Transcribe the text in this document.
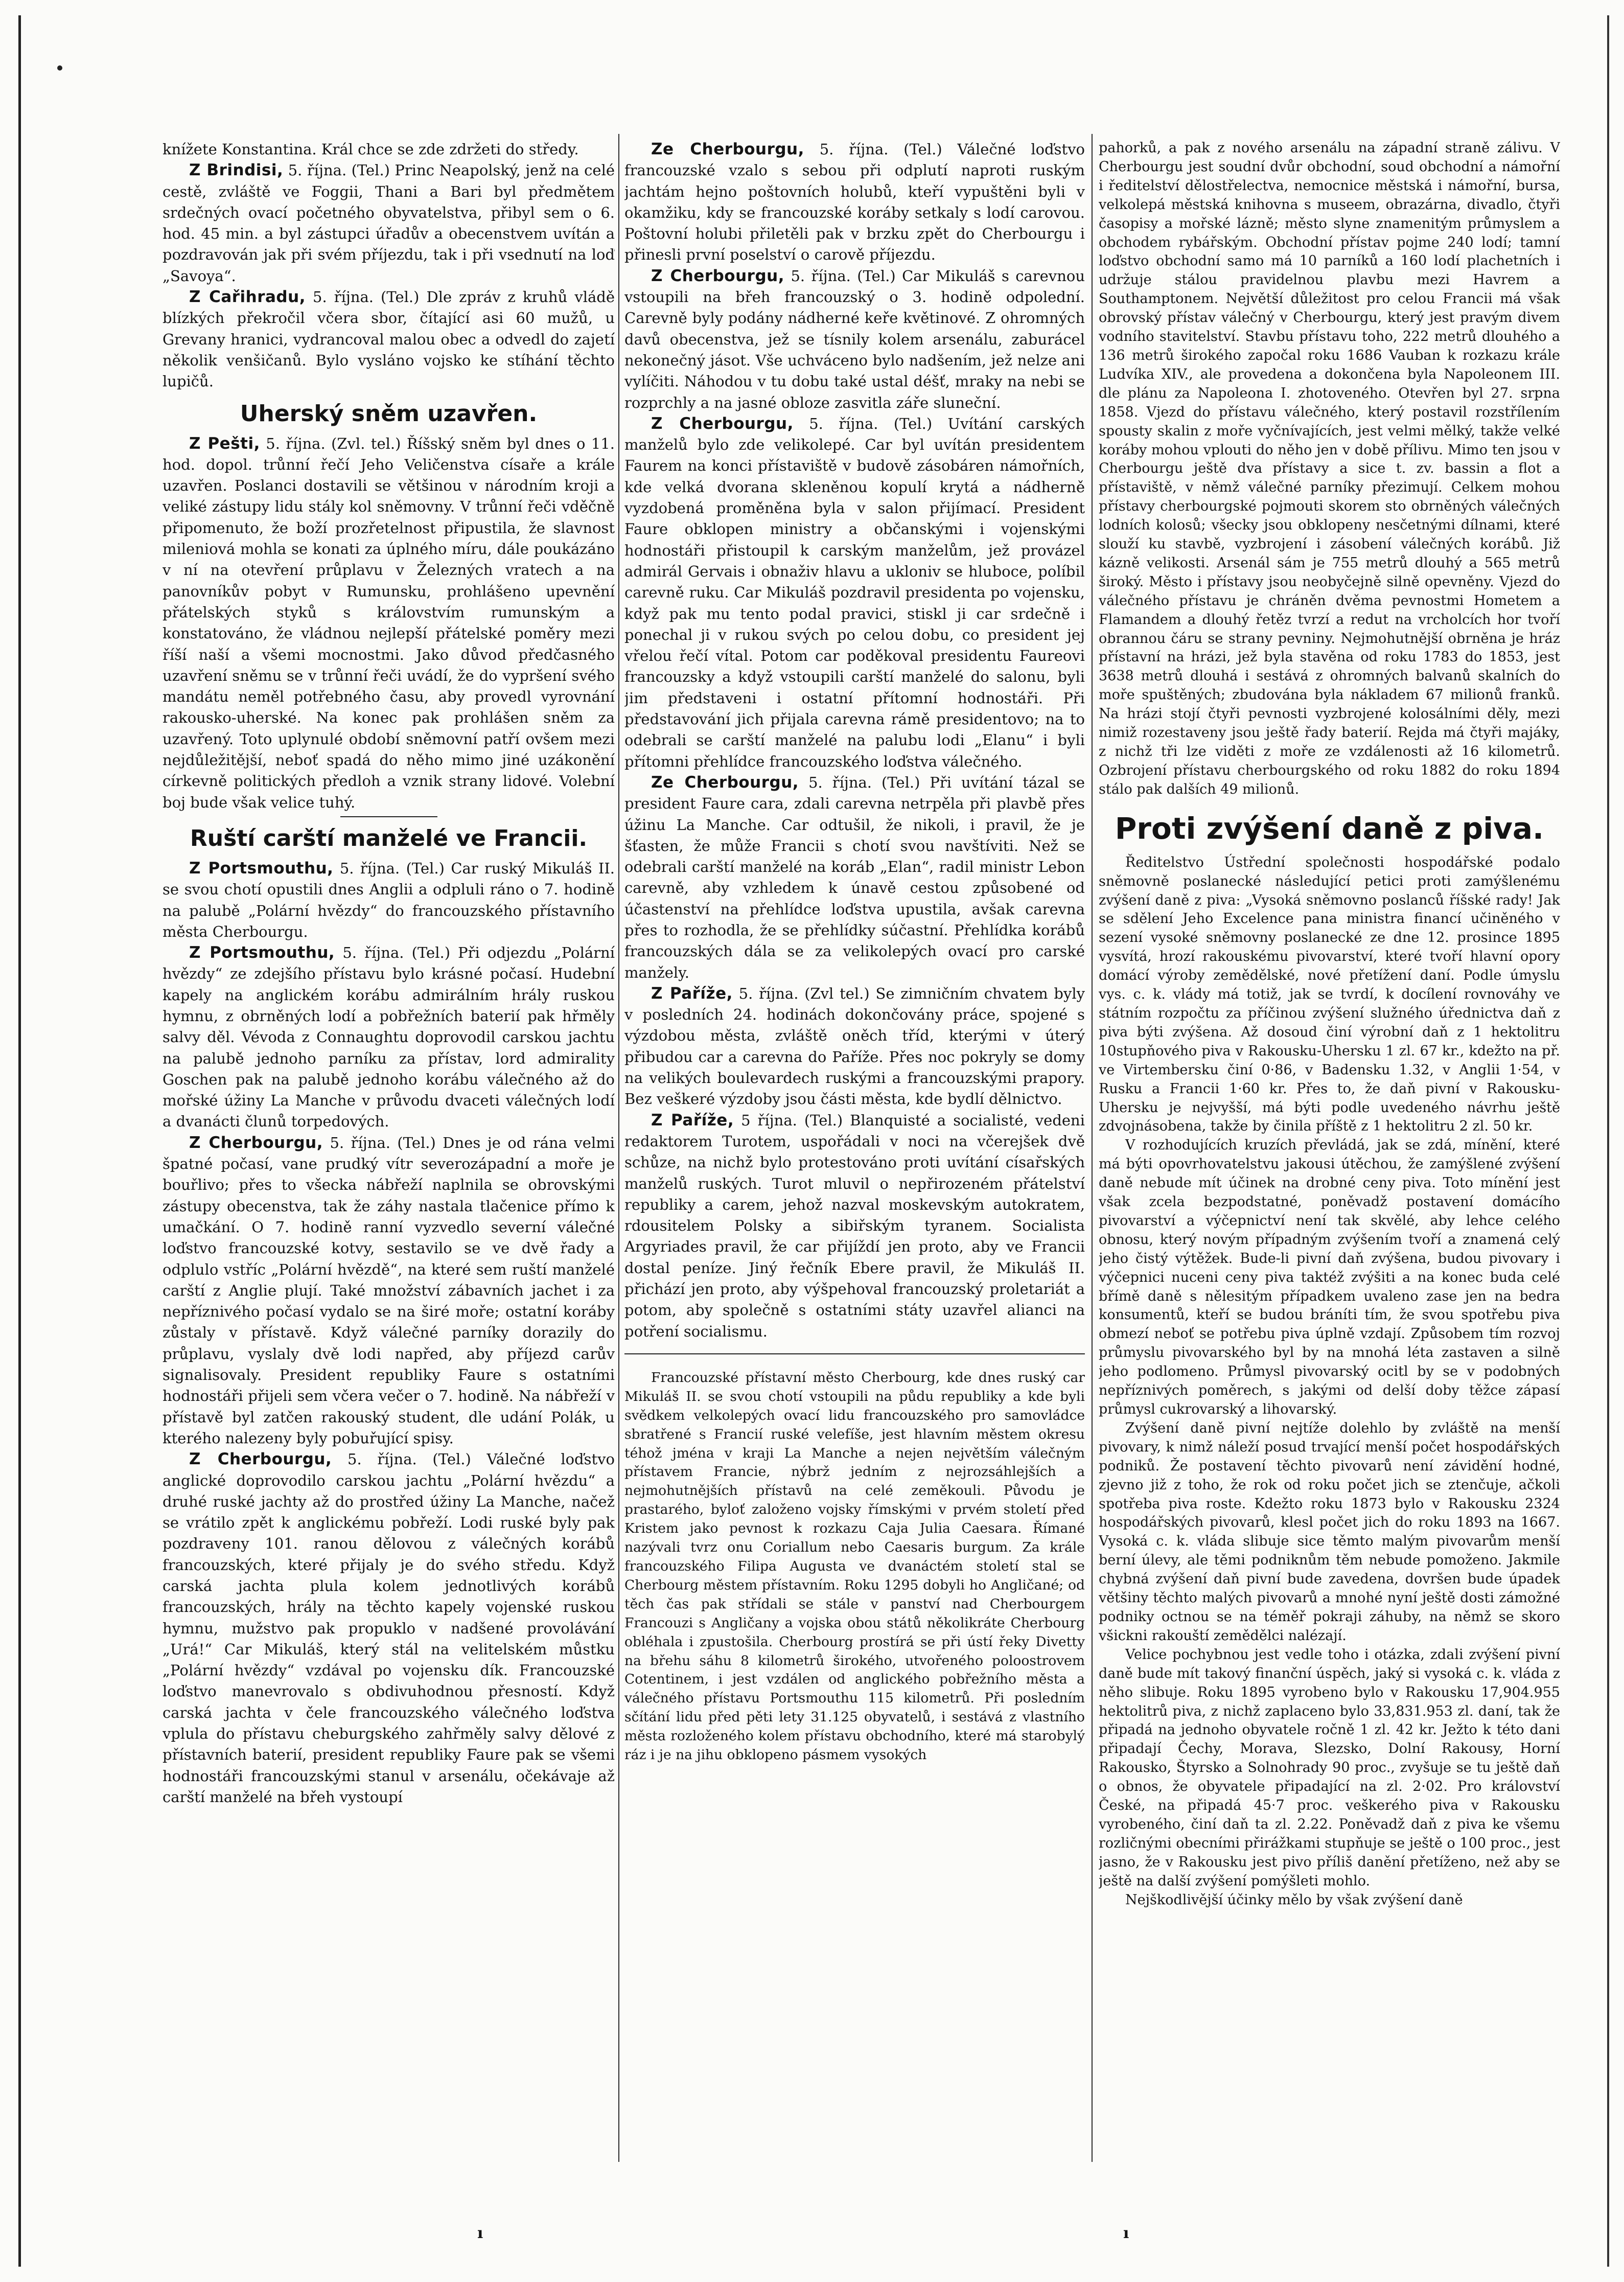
knížete Konstantina. Král chce se zde zdržeti do středy.

Z Brindisi, 5. října. (Tel.) Princ Neapolský, jenž na celé cestě, zvláště ve Foggii, Thani a Bari byl předmětem srdečných ovací početného obyvatelstva, přibyl sem o 6. hod. 45 min. a byl zástupci úřadův a obecenstvem uvítán a pozdravován jak při svém příjezdu, tak i při vsednutí na loď „Savoya“.

Z Cařihradu, 5. října. (Tel.) Dle zpráv z kruhů vládě blízkých překročil včera sbor, čítající asi 60 mužů, u Grevany hranici, vydrancoval malou obec a odvedl do zajetí několik venšičanů. Bylo vysláno vojsko ke stíhání těchto lupičů.

Uherský sněm uzavřen.

Z Pešti, 5. října. (Zvl. tel.) Říšský sněm byl dnes o 11. hod. dopol. trůnní řečí Jeho Veličenstva císaře a krále uzavřen. Poslanci dostavili se většinou v národním kroji a veliké zástupy lidu stály kol sněmovny. V trůnní řeči vděčně připomenuto, že boží prozřetelnost připustila, že slavnost mileniová mohla se konati za úplného míru, dále poukázáno v ní na otevření průplavu v Železných vratech a na panovníkův pobyt v Rumunsku, prohlášeno upevnění přátelských styků s královstvím rumunským a konstatováno, že vládnou nejlepší přátelské poměry mezi říší naší a všemi mocnostmi. Jako důvod předčasného uzavření sněmu se v trůnní řeči uvádí, že do vypršení svého mandátu neměl potřebného času, aby provedl vyrovnání rakousko-uherské. Na konec pak prohlášen sněm za uzavřený. Toto uplynulé období sněmovní patří ovšem mezi nejdůležitější, neboť spadá do něho mimo jiné uzákonění církevně politických předloh a vznik strany lidové. Volební boj bude však velice tuhý.

Ruští carští manželé ve Francii.

Z Portsmouthu, 5. října. (Tel.) Car ruský Mikuláš II. se svou chotí opustili dnes Anglii a odpluli ráno o 7. hodině na palubě „Polární hvězdy“ do francouzského přístavního města Cherbourgu.

Z Portsmouthu, 5. října. (Tel.) Při odjezdu „Polární hvězdy“ ze zdejšího přístavu bylo krásné počasí. Hudební kapely na anglickém korábu admirálním hrály ruskou hymnu, z obrněných lodí a pobřežních baterií pak hřměly salvy děl. Vévoda z Connaughtu doprovodil carskou jachtu na palubě jednoho parníku za přístav, lord admirality Goschen pak na palubě jednoho korábu válečného až do mořské úžiny La Manche v průvodu dvaceti válečných lodí a dvanácti člunů torpedových.

Z Cherbourgu, 5. října. (Tel.) Dnes je od rána velmi špatné počasí, vane prudký vítr severozápadní a moře je bouřlivo; přes to všecka nábřeží naplnila se obrovskými zástupy obecenstva, tak že záhy nastala tlačenice přímo k umačkání. O 7. hodině ranní vyzvedlo severní válečné loďstvo francouzské kotvy, sestavilo se ve dvě řady a odplulo vstříc „Polární hvězdě“, na které sem ruští manželé carští z Anglie plují. Také množství zábavních jachet i za nepříznivého počasí vydalo se na širé moře; ostatní koráby zůstaly v přístavě. Když válečné parníky dorazily do průplavu, vyslaly dvě lodi napřed, aby příjezd carův signalisovaly. President republiky Faure s ostatními hodnostáři přijeli sem včera večer o 7. hodině. Na nábřeží v přístavě byl zatčen rakouský student, dle udání Polák, u kterého nalezeny byly pobuřující spisy.

Z Cherbourgu, 5. října. (Tel.) Válečné loďstvo anglické doprovodilo carskou jachtu „Polární hvězdu“ a druhé ruské jachty až do prostřed úžiny La Manche, načež se vrátilo zpět k anglickému pobřeží. Lodi ruské byly pak pozdraveny 101. ranou dělovou z válečných korábů francouzských, které přijaly je do svého středu. Když carská jachta plula kolem jednotlivých korábů francouzských, hrály na těchto kapely vojenské ruskou hymnu, mužstvo pak propuklo v nadšené provolávání „Urá!“ Car Mikuláš, který stál na velitelském můstku „Polární hvězdy“ vzdával po vojensku dík. Francouzské loďstvo manevrovalo s obdivuhodnou přesností. Když carská jachta v čele francouzského válečného loďstva vplula do přístavu cheburgského zahřměly salvy dělové z přístavních baterií, president republiky Faure pak se všemi hodnostáři francouzskými stanul v arsenálu, očekávaje až carští manželé na břeh vystoupí

Ze Cherbourgu, 5. října. (Tel.) Válečné loďstvo francouzské vzalo s sebou při odplutí naproti ruským jachtám hejno poštovních holubů, kteří vypuštěni byli v okamžiku, kdy se francouzské koráby setkaly s lodí carovou. Poštovní holubi přiletěli pak v brzku zpět do Cherbourgu i přinesli první poselství o carově příjezdu.

Z Cherbourgu, 5. října. (Tel.) Car Mikuláš s carevnou vstoupili na břeh francouzský o 3. hodině odpolední. Carevně byly podány nádherné keře květinové. Z ohromných davů obecenstva, jež se tísnily kolem arsenálu, zaburácel nekonečný jásot. Vše uchváceno bylo nadšením, jež nelze ani vylíčiti. Náhodou v tu dobu také ustal déšť, mraky na nebi se rozprchly a na jasné obloze zasvitla záře sluneční.

Z Cherbourgu, 5. října. (Tel.) Uvítání carských manželů bylo zde velikolepé. Car byl uvítán presidentem Faurem na konci přístaviště v budově zásobáren námořních, kde velká dvorana skleněnou kopulí krytá a nádherně vyzdobená proměněna byla v salon přijímací. President Faure obklopen ministry a občanskými i vojenskými hodnostáři přistoupil k carským manželům, jež provázel admirál Gervais i obnaživ hlavu a ukloniv se hluboce, políbil carevně ruku. Car Mikuláš pozdravil presidenta po vojensku, když pak mu tento podal pravici, stiskl ji car srdečně i ponechal ji v rukou svých po celou dobu, co president jej vřelou řečí vítal. Potom car poděkoval presidentu Faureovi francouzsky a když vstoupili carští manželé do salonu, byli jim představeni i ostatní přítomní hodnostáři. Při představování jich přijala carevna rámě presidentovo; na to odebrali se carští manželé na palubu lodi „Elanu“ i byli přítomni přehlídce francouzského loďstva válečného.

Ze Cherbourgu, 5. října. (Tel.) Při uvítání tázal se president Faure cara, zdali carevna netrpěla při plavbě přes úžinu La Manche. Car odtušil, že nikoli, i pravil, že je šťasten, že může Francii s chotí svou navštíviti. Než se odebrali carští manželé na koráb „Elan“, radil ministr Lebon carevně, aby vzhledem k únavě cestou způsobené od účastenství na přehlídce loďstva upustila, avšak carevna přes to rozhodla, že se přehlídky súčastní. Přehlídka korábů francouzských dála se za velikolepých ovací pro carské manžely.

Z Paříže, 5. října. (Zvl tel.) Se zimničním chvatem byly v posledních 24. hodinách dokončovány práce, spojené s výzdobou města, zvláště oněch tříd, kterými v úterý přibudou car a carevna do Paříže. Přes noc pokryly se domy na velikých boulevardech ruskými a francouzskými prapory. Bez veškeré výzdoby jsou části města, kde bydlí dělnictvo.

Z Paříže, 5 října. (Tel.) Blanquisté a socialisté, vedeni redaktorem Turotem, uspořádali v noci na včerejšek dvě schůze, na nichž bylo protestováno proti uvítání císařských manželů ruských. Turot mluvil o nepřirozeném přátelství republiky a carem, jehož nazval moskevským autokratem, rdousitelem Polsky a sibiřským tyranem. Socialista Argyriades pravil, že car přijíždí jen proto, aby ve Francii dostal peníze. Jiný řečník Ebere pravil, že Mikuláš II. přichází jen proto, aby výšpehoval francouzský proletariát a potom, aby společně s ostatními státy uzavřel alianci na potření socialismu.

Francouzské přístavní město Cherbourg, kde dnes ruský car Mikuláš II. se svou chotí vstoupili na půdu republiky a kde byli svědkem velkolepých ovací lidu francouzského pro samovládce sbratřené s Francií ruské velefíše, jest hlavním městem okresu téhož jména v kraji La Manche a nejen největším válečným přístavem Francie, nýbrž jedním z nejrozsáhlejších a nejmohutnějších přístavů na celé zeměkouli. Původu je prastarého, byloť založeno vojsky římskými v prvém století před Kristem jako pevnost k rozkazu Caja Julia Caesara. Římané nazývali tvrz onu Coriallum nebo Caesaris burgum. Za krále francouzského Filipa Augusta ve dvanáctém století stal se Cherbourg městem přístavním. Roku 1295 dobyli ho Angličané; od těch čas pak střídali se stále v panství nad Cherbourgem Francouzi s Angličany a vojska obou států několikráte Cherbourg obléhala i zpustošila. Cherbourg prostírá se při ústí řeky Divetty na břehu sáhu 8 kilometrů širokého, utvořeného poloostrovem Cotentinem, i jest vzdálen od anglického pobřežního města a válečného přístavu Portsmouthu 115 kilometrů. Při posledním sčítání lidu před pěti lety 31.125 obyvatelů, i sestává z vlastního města rozloženého kolem přístavu obchodního, které má starobylý ráz i je na jihu obklopeno pásmem vysokých

pahorků, a pak z nového arsenálu na západní straně zálivu. V Cherbourgu jest soudní dvůr obchodní, soud obchodní a námořní i ředitelství dělostřelectva, nemocnice městská i námořní, bursa, velkolepá městská knihovna s museem, obrazárna, divadlo, čtyři časopisy a mořské lázně; město slyne znamenitým průmyslem a obchodem rybářským. Obchodní přístav pojme 240 lodí; tamní loďstvo obchodní samo má 10 parníků a 160 lodí plachetních i udržuje stálou pravidelnou plavbu mezi Havrem a Southamptonem. Největší důležitost pro celou Francii má však obrovský přístav válečný v Cherbourgu, který jest pravým divem vodního stavitelství. Stavbu přístavu toho, 222 metrů dlouhého a 136 metrů širokého započal roku 1686 Vauban k rozkazu krále Ludvíka XIV., ale provedena a dokončena byla Napoleonem III. dle plánu za Napoleona I. zhotoveného. Otevřen byl 27. srpna 1858. Vjezd do přístavu válečného, který postavil rozstřílením spousty skalin z moře vyčnívajících, jest velmi mělký, takže velké koráby mohou vplouti do něho jen v době přílivu. Mimo ten jsou v Cherbourgu ještě dva přístavy a sice t. zv. bassin a flot a přístaviště, v němž válečné parníky přezimují. Celkem mohou přístavy cherbourgské pojmouti skorem sto obrněných válečných lodních kolosů; všecky jsou obklopeny nesčetnými dílnami, které slouží ku stavbě, vyzbrojení i zásobení válečných korábů. Již kázně velikosti. Arsenál sám je 755 metrů dlouhý a 565 metrů široký. Město i přístavy jsou neobyčejně silně opevněny. Vjezd do válečného přístavu je chráněn dvěma pevnostmi Hometem a Flamandem a dlouhý řetěz tvrzí a redut na vrcholcích hor tvoří obrannou čáru se strany pevniny. Nejmohutnější obrněna je hráz přístavní na hrázi, jež byla stavěna od roku 1783 do 1853, jest 3638 metrů dlouhá i sestává z ohromných balvanů skalních do moře spuštěných; zbudována byla nákladem 67 milionů franků. Na hrázi stojí čtyři pevnosti vyzbrojené kolosálními děly, mezi nimiž rozestaveny jsou ještě řady baterií. Rejda má čtyři majáky, z nichž tři lze viděti z moře ze vzdálenosti až 16 kilometrů. Ozbrojení přístavu cherbourgského od roku 1882 do roku 1894 stálo pak dalších 49 milionů.

Proti zvýšení daně z piva.

Ředitelstvo Ústřední společnosti hospodářské podalo sněmovně poslanecké následující petici proti zamýšlenému zvýšení daně z piva: „Vysoká sněmovno poslanců říšské rady! Jak se sdělení Jeho Excelence pana ministra financí učiněného v sezení vysoké sněmovny poslanecké ze dne 12. prosince 1895 vysvítá, hrozí rakouskému pivovarství, které tvoří hlavní opory domácí výroby zemědělské, nové přetížení daní. Podle úmyslu vys. c. k. vlády má totiž, jak se tvrdí, k docílení rovnováhy ve státním rozpočtu za příčinou zvýšení služného úřednictva daň z piva býti zvýšena. Až dosoud činí výrobní daň z 1 hektolitru 10stupňového piva v Rakousku-Uhersku 1 zl. 67 kr., kdežto na př. ve Virtembersku činí 0·86, v Badensku 1.32, v Anglii 1·54, v Rusku a Francii 1·60 kr. Přes to, že daň pivní v Rakousku-Uhersku je nejvyšší, má býti podle uvedeného návrhu ještě zdvojnásobena, takže by činila příště z 1 hektolitru 2 zl. 50 kr.

V rozhodujících kruzích převládá, jak se zdá, mínění, které má býti opovrhovatelstvu jakousi útěchou, že zamýšlené zvýšení daně nebude mít účinek na drobné ceny piva. Toto mínění jest však zcela bezpodstatné, poněvadž postavení domácího pivovarství a výčepnictví není tak skvělé, aby lehce celého obnosu, který novým případným zvýšením tvoří a znamená celý jeho čistý výtěžek. Bude-li pivní daň zvýšena, budou pivovary i výčepnici nuceni ceny piva taktéž zvýšiti a na konec buda celé břímě daně s nělesitým případkem uvalenо zase jen na bedra konsumentů, kteří se budou bráníti tím, že svou spotřebu piva obmezí neboť se potřebu piva úplně vzdají. Způsobem tím rozvoj průmyslu pivovarského byl by na mnohá léta zastaven a silně jeho podlomeno. Průmysl pivovarský ocitl by se v podobných nepříznivých poměrech, s jakými od delší doby těžce zápasí průmysl cukrovarský a lihovarský.

Zvýšení daně pivní nejtíže dolehlo by zvláště na menší pivovary, k nimž náleží posud trvající menší počet hospodářských podniků. Že postavení těchto pivovarů není závidění hodné, zjevno již z toho, že rok od roku počet jich se ztenčuje, ačkoli spotřeba piva roste. Kdežto roku 1873 bylo v Rakousku 2324 hospodářských pivovarů, klesl počet jich do roku 1893 na 1667. Vysoká c. k. vláda slibuje sice těmto malým pivovarům menší berní úlevy, ale těmi podniknům těm nebude pomoženo. Jakmile chybná zvýšení daň pivní bude zavedena, dovršen bude úpadek většiny těchto malých pivovarů a mnohé nyní ještě dosti zámožné podniky octnou se na téměř pokraji záhuby, na němž se skoro všickni rakouští zemědělci nalézají.

Velice pochybnou jest vedle toho i otázka, zdali zvýšení pivní daně bude mít takový finanční úspěch, jaký si vysoká c. k. vláda z něho slibuje. Roku 1895 vyrobeno bylo v Rakousku 17,904.955 hektolitrů piva, z nichž zaplaceno bylo 33,831.953 zl. daní, tak že připadá na jednoho obyvatele ročně 1 zl. 42 kr. Ježto k této dani připadají Čechy, Morava, Slezsko, Dolní Rakousy, Horní Rakousko, Štyrsko a Solnohrady 90 proc., zvyšuje se tu ještě daň o obnos, že obyvatele připadající na zl. 2·02. Pro království České, na připadá 45·7 proc. veškerého piva v Rakousku vyrobeného, činí daň ta zl. 2.22. Poněvadž daň z piva ke všemu rozličnými obecními přirážkami stupňuje se ještě o 100 proc., jest jasno, že v Rakousku jest pivo příliš danění přetíženo, než aby se ještě na další zvýšení pomýšleti mohlo.

Nejškodlivější účinky mělo by však zvýšení daně

ı	ı
